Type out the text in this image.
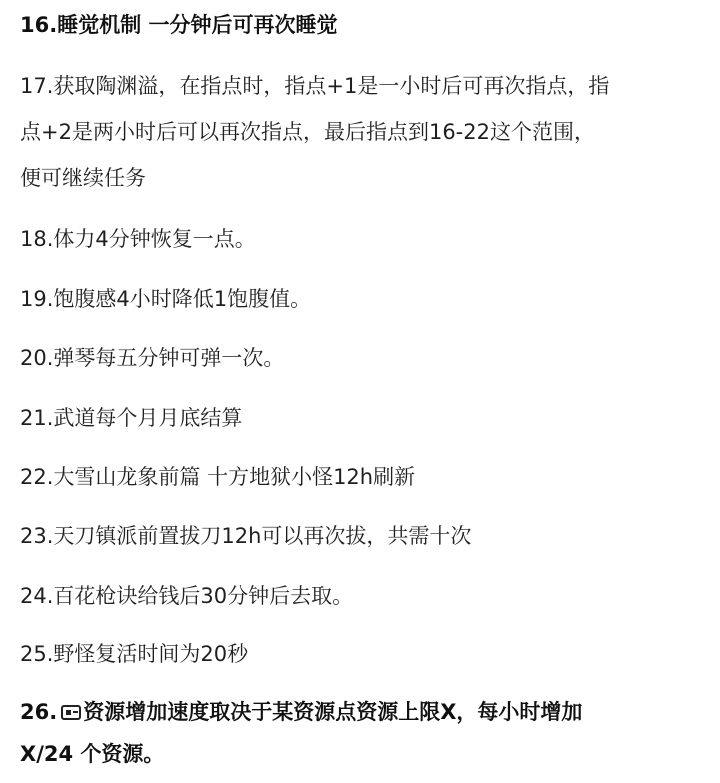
16.睡觉机制 一分钟后可再次睡觉
17.获取陶渊溢，在指点时，指点+1是一小时后可再次指点，指
点+2是两小时后可以再次指点，最后指点到16-22这个范围，
便可继续任务
18.体力4分钟恢复一点。
19.饱腹感4小时降低1饱腹值。
20.弹琴每五分钟可弹一次。
21.武道每个月月底结算
22.大雪山龙象前篇 十方地狱小怪12h刷新
23.天刀镇派前置拔刀12h可以再次拔，共需十次
24.百花枪诀给钱后30分钟后去取。
25.野怪复活时间为20秒
26. 资源增加速度取决于某资源点资源上限X，每小时增加
X/24 个资源。
